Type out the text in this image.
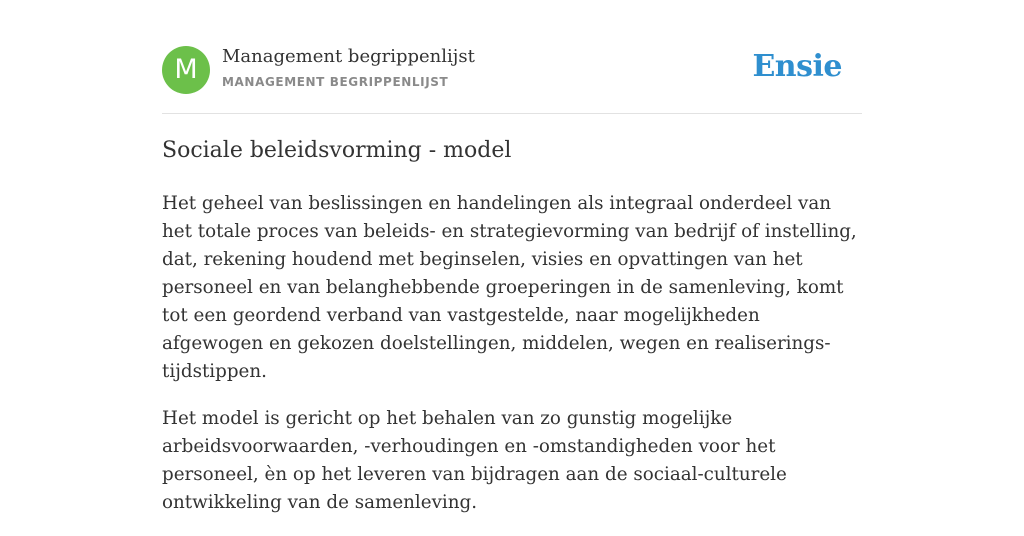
M	Management begrippenlijst
MANAGEMENT BEGRIPPENLIJST	Ensie
Sociale beleidsvorming - model

Het geheel van beslissingen en handelingen als integraal onderdeel van het totale proces van beleids- en strategievorming van bedrijf of instelling, dat, rekening houdend met beginselen, visies en opvattingen van het personeel en van belanghebbende groeperingen in de samenleving, komt tot een geordend verband van vastgestelde, naar mogelijkheden afgewogen en gekozen doelstellingen, middelen, wegen en realiserings-tijdstippen.

Het model is gericht op het behalen van zo gunstig mogelijke arbeidsvoorwaarden, -verhoudingen en -omstandigheden voor het personeel, èn op het leveren van bijdragen aan de sociaal-culturele ontwikkeling van de samenleving.
